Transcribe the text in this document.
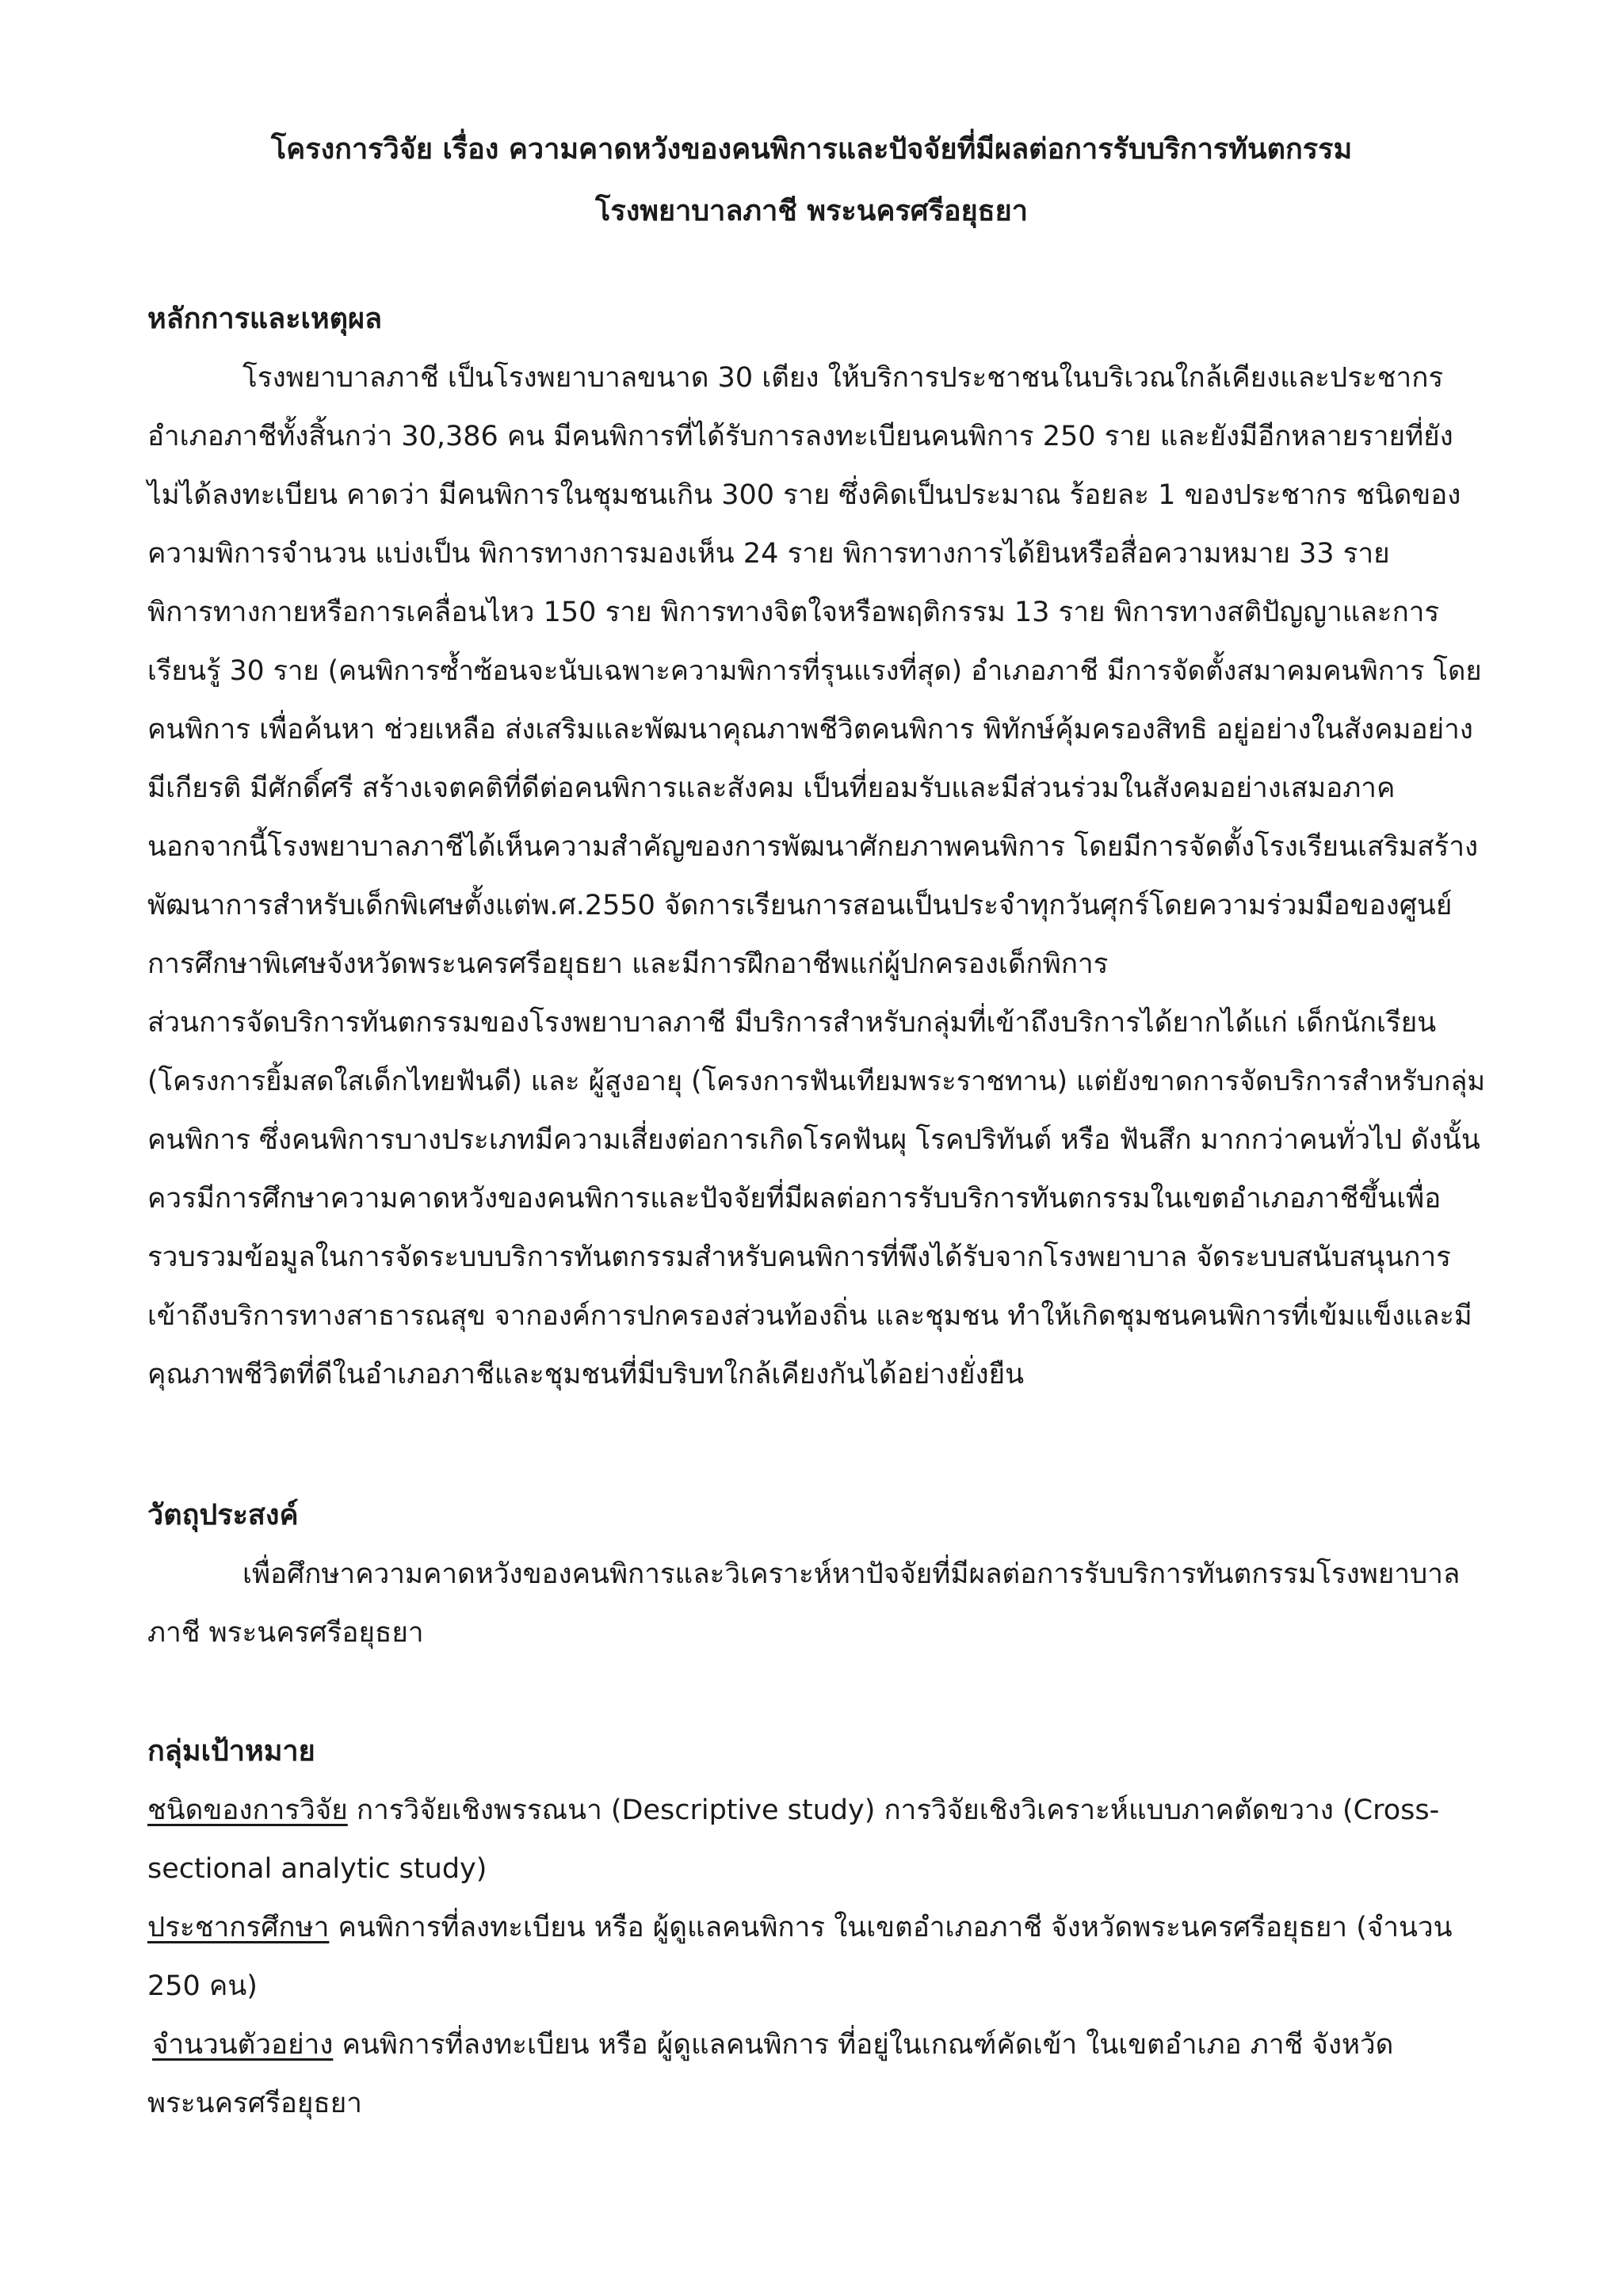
โครงการวิจัย เรื่อง ความคาดหวังของคนพิการและปัจจัยที่มีผลต่อการรับบริการทันตกรรม
โรงพยาบาลภาชี พระนครศรีอยุธยา
หลักการและเหตุผล
โรงพยาบาลภาชี เป็นโรงพยาบาลขนาด 30 เตียง ให้บริการประชาชนในบริเวณใกล้เคียงและประชากร
อำเภอภาชีทั้งสิ้นกว่า 30,386 คน มีคนพิการที่ได้รับการลงทะเบียนคนพิการ 250 ราย และยังมีอีกหลายรายที่ยัง
ไม่ได้ลงทะเบียน คาดว่า มีคนพิการในชุมชนเกิน 300 ราย ซึ่งคิดเป็นประมาณ ร้อยละ 1 ของประชากร ชนิดของ
ความพิการจำนวน แบ่งเป็น พิการทางการมองเห็น 24 ราย พิการทางการได้ยินหรือสื่อความหมาย 33 ราย
พิการทางกายหรือการเคลื่อนไหว 150 ราย พิการทางจิตใจหรือพฤติกรรม 13 ราย พิการทางสติปัญญาและการ
เรียนรู้ 30 ราย (คนพิการซ้ำซ้อนจะนับเฉพาะความพิการที่รุนแรงที่สุด) อำเภอภาชี มีการจัดตั้งสมาคมคนพิการ โดย
คนพิการ เพื่อค้นหา ช่วยเหลือ ส่งเสริมและพัฒนาคุณภาพชีวิตคนพิการ พิทักษ์คุ้มครองสิทธิ อยู่อย่างในสังคมอย่าง
มีเกียรติ มีศักดิ์ศรี สร้างเจตคติที่ดีต่อคนพิการและสังคม เป็นที่ยอมรับและมีส่วนร่วมในสังคมอย่างเสมอภาค
นอกจากนี้โรงพยาบาลภาชีได้เห็นความสำคัญของการพัฒนาศักยภาพคนพิการ โดยมีการจัดตั้งโรงเรียนเสริมสร้าง
พัฒนาการสำหรับเด็กพิเศษตั้งแต่พ.ศ.2550 จัดการเรียนการสอนเป็นประจำทุกวันศุกร์โดยความร่วมมือของศูนย์
การศึกษาพิเศษจังหวัดพระนครศรีอยุธยา และมีการฝึกอาชีพแก่ผู้ปกครองเด็กพิการ
ส่วนการจัดบริการทันตกรรมของโรงพยาบาลภาชี มีบริการสำหรับกลุ่มที่เข้าถึงบริการได้ยากได้แก่ เด็กนักเรียน
(โครงการยิ้มสดใสเด็กไทยฟันดี) และ ผู้สูงอายุ (โครงการฟันเทียมพระราชทาน) แต่ยังขาดการจัดบริการสำหรับกลุ่ม
คนพิการ ซึ่งคนพิการบางประเภทมีความเสี่ยงต่อการเกิดโรคฟันผุ โรคปริทันต์ หรือ ฟันสึก มากกว่าคนทั่วไป ดังนั้น
ควรมีการศึกษาความคาดหวังของคนพิการและปัจจัยที่มีผลต่อการรับบริการทันตกรรมในเขตอำเภอภาชีขึ้นเพื่อ
รวบรวมข้อมูลในการจัดระบบบริการทันตกรรมสำหรับคนพิการที่พึงได้รับจากโรงพยาบาล จัดระบบสนับสนุนการ
เข้าถึงบริการทางสาธารณสุข จากองค์การปกครองส่วนท้องถิ่น และชุมชน ทำให้เกิดชุมชนคนพิการที่เข้มแข็งและมี
คุณภาพชีวิตที่ดีในอำเภอภาชีและชุมชนที่มีบริบทใกล้เคียงกันได้อย่างยั่งยืน
วัตถุประสงค์
เพื่อศึกษาความคาดหวังของคนพิการและวิเคราะห์หาปัจจัยที่มีผลต่อการรับบริการทันตกรรมโรงพยาบาล
ภาชี พระนครศรีอยุธยา
กลุ่มเป้าหมาย
ชนิดของการวิจัย การวิจัยเชิงพรรณนา (Descriptive study) การวิจัยเชิงวิเคราะห์แบบภาคตัดขวาง (Cross-
sectional analytic study)
ประชากรศึกษา คนพิการที่ลงทะเบียน หรือ ผู้ดูแลคนพิการ ในเขตอำเภอภาชี จังหวัดพระนครศรีอยุธยา (จำนวน
250 คน)
จำนวนตัวอย่าง คนพิการที่ลงทะเบียน หรือ ผู้ดูแลคนพิการ ที่อยู่ในเกณฑ์คัดเข้า ในเขตอำเภอ ภาชี จังหวัด
พระนครศรีอยุธยา
